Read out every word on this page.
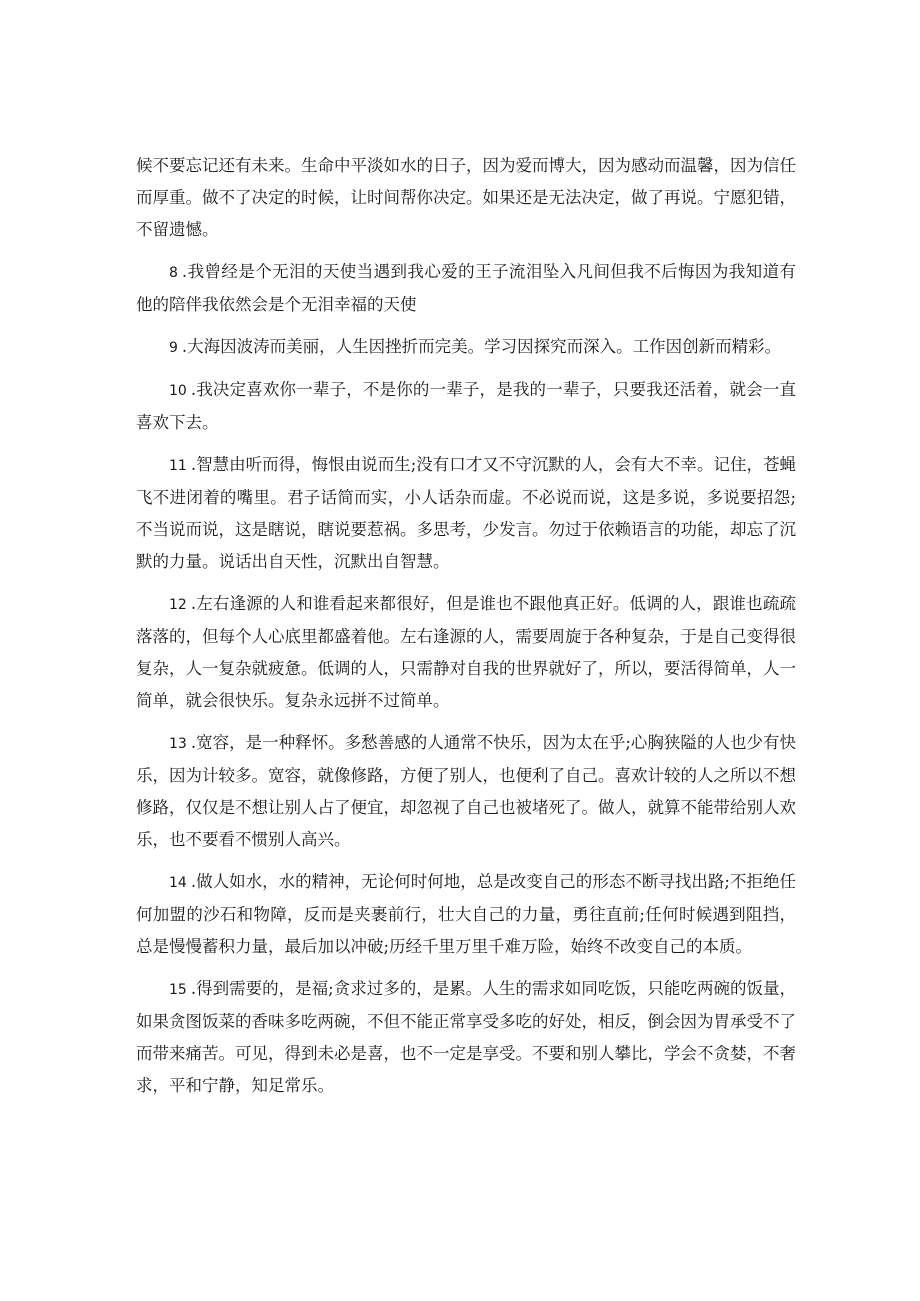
候不要忘记还有未来。生命中平淡如水的日子，因为爱而博大，因为感动而温馨，因为信任而厚重。做不了决定的时候，让时间帮你决定。如果还是无法决定，做了再说。宁愿犯错，不留遗憾。

8 .我曾经是个无泪的天使当遇到我心爱的王子流泪坠入凡间但我不后悔因为我知道有他的陪伴我依然会是个无泪幸福的天使

9 .大海因波涛而美丽，人生因挫折而完美。学习因探究而深入。工作因创新而精彩。

10 .我决定喜欢你一辈子，不是你的一辈子，是我的一辈子，只要我还活着，就会一直喜欢下去。

11 .智慧由听而得，悔恨由说而生;没有口才又不守沉默的人，会有大不幸。记住，苍蝇飞不进闭着的嘴里。君子话简而实，小人话杂而虚。不必说而说，这是多说，多说要招怨;不当说而说，这是瞎说，瞎说要惹祸。多思考，少发言。勿过于依赖语言的功能，却忘了沉默的力量。说话出自天性，沉默出自智慧。

12 .左右逢源的人和谁看起来都很好，但是谁也不跟他真正好。低调的人，跟谁也疏疏落落的，但每个人心底里都盛着他。左右逢源的人，需要周旋于各种复杂，于是自己变得很复杂，人一复杂就疲惫。低调的人，只需静对自我的世界就好了，所以，要活得简单，人一简单，就会很快乐。复杂永远拼不过简单。

13 .宽容，是一种释怀。多愁善感的人通常不快乐，因为太在乎;心胸狭隘的人也少有快乐，因为计较多。宽容，就像修路，方便了别人，也便利了自己。喜欢计较的人之所以不想修路，仅仅是不想让别人占了便宜，却忽视了自己也被堵死了。做人，就算不能带给别人欢乐，也不要看不惯别人高兴。

14 .做人如水，水的精神，无论何时何地，总是改变自己的形态不断寻找出路;不拒绝任何加盟的沙石和物障，反而是夹裹前行，壮大自己的力量，勇往直前;任何时候遇到阻挡，总是慢慢蓄积力量，最后加以冲破;历经千里万里千难万险，始终不改变自己的本质。

15 .得到需要的，是福;贪求过多的，是累。人生的需求如同吃饭，只能吃两碗的饭量，如果贪图饭菜的香味多吃两碗，不但不能正常享受多吃的好处，相反，倒会因为胃承受不了而带来痛苦。可见，得到未必是喜，也不一定是享受。不要和别人攀比，学会不贪婪，不奢求，平和宁静，知足常乐。
